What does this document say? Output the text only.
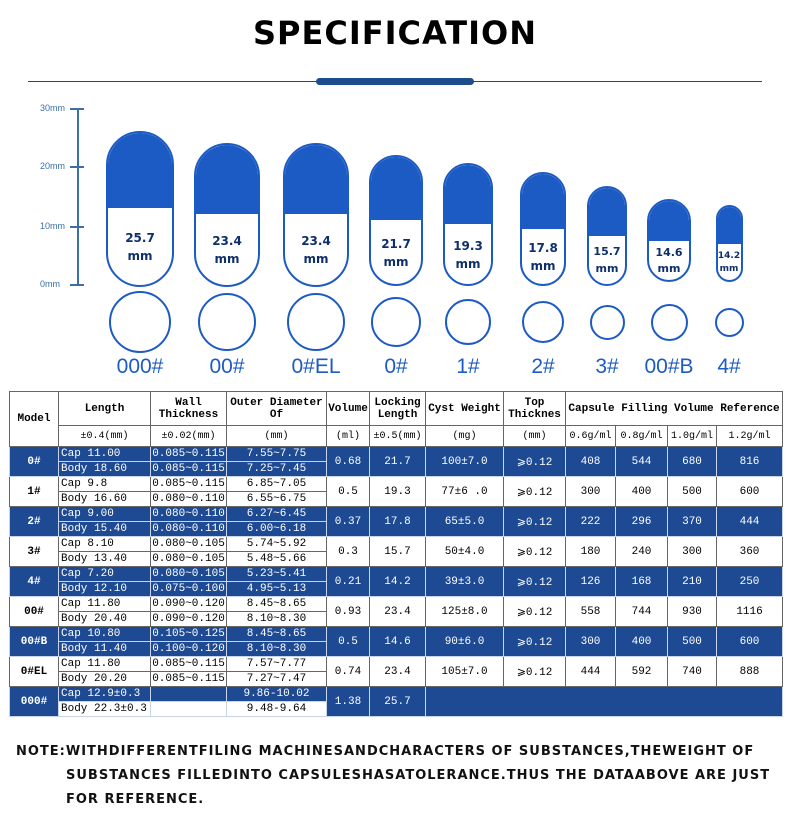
SPECIFICATION
30mm
20mm
10mm
0mm
25.7
mm
000#
23.4
mm
00#
23.4
mm
0#EL
21.7
mm
0#
19.3
mm
1#
17.8
mm
2#
15.7
mm
3#
14.6
mm
00#B
14.2
mm
4#
Model	Length	Wall Thickness	Outer Diameter Of	Volume	Locking Length	Cyst Weight	Top Thicknes	Capsule Filling Volume Reference			
	±0.4(mm)	±0.02(mm)	(mm)	(ml)	±0.5(mm)	(mg)	(mm)	0.6g/ml	0.8g/ml	1.0g/ml	1.2g/ml
0#	Cap 11.00	0.085~0.115	7.55~7.75	0.68	21.7	100±7.0	⩾0.12	408	544	680	816
	Body 18.60	0.085~0.115	7.25~7.45								
1#	Cap 9.8	0.085~0.115	6.85~7.05	0.5	19.3	77±6 .0	⩾0.12	300	400	500	600
	Body 16.60	0.080~0.110	6.55~6.75								
2#	Cap 9.00	0.080~0.110	6.27~6.45	0.37	17.8	65±5.0	⩾0.12	222	296	370	444
	Body 15.40	0.080~0.110	6.00~6.18								
3#	Cap 8.10	0.080~0.105	5.74~5.92	0.3	15.7	50±4.0	⩾0.12	180	240	300	360
	Body 13.40	0.080~0.105	5.48~5.66								
4#	Cap 7.20	0.080~0.105	5.23~5.41	0.21	14.2	39±3.0	⩾0.12	126	168	210	250
	Body 12.10	0.075~0.100	4.95~5.13								
00#	Cap 11.80	0.090~0.120	8.45~8.65	0.93	23.4	125±8.0	⩾0.12	558	744	930	1116
	Body 20.40	0.090~0.120	8.10~8.30								
00#B	Cap 10.80	0.105~0.125	8.45~8.65	0.5	14.6	90±6.0	⩾0.12	300	400	500	600
	Body 11.40	0.100~0.120	8.10~8.30								
0#EL	Cap 11.80	0.085~0.115	7.57~7.77	0.74	23.4	105±7.0	⩾0.12	444	592	740	888
	Body 20.20	0.085~0.115	7.27~7.47								
000#	Cap 12.9±0.3		9.86-10.02	1.38	25.7						
	Body 22.3±0.3		9.48-9.64								
NOTE:WITHDIFFERENTFILING MACHINESANDCHARACTERS OF SUBSTANCES,THEWEIGHT OF
SUBSTANCES FILLEDINTO CAPSULESHASATOLERANCE.THUS THE DATAABOVE ARE JUST
FOR REFERENCE.
